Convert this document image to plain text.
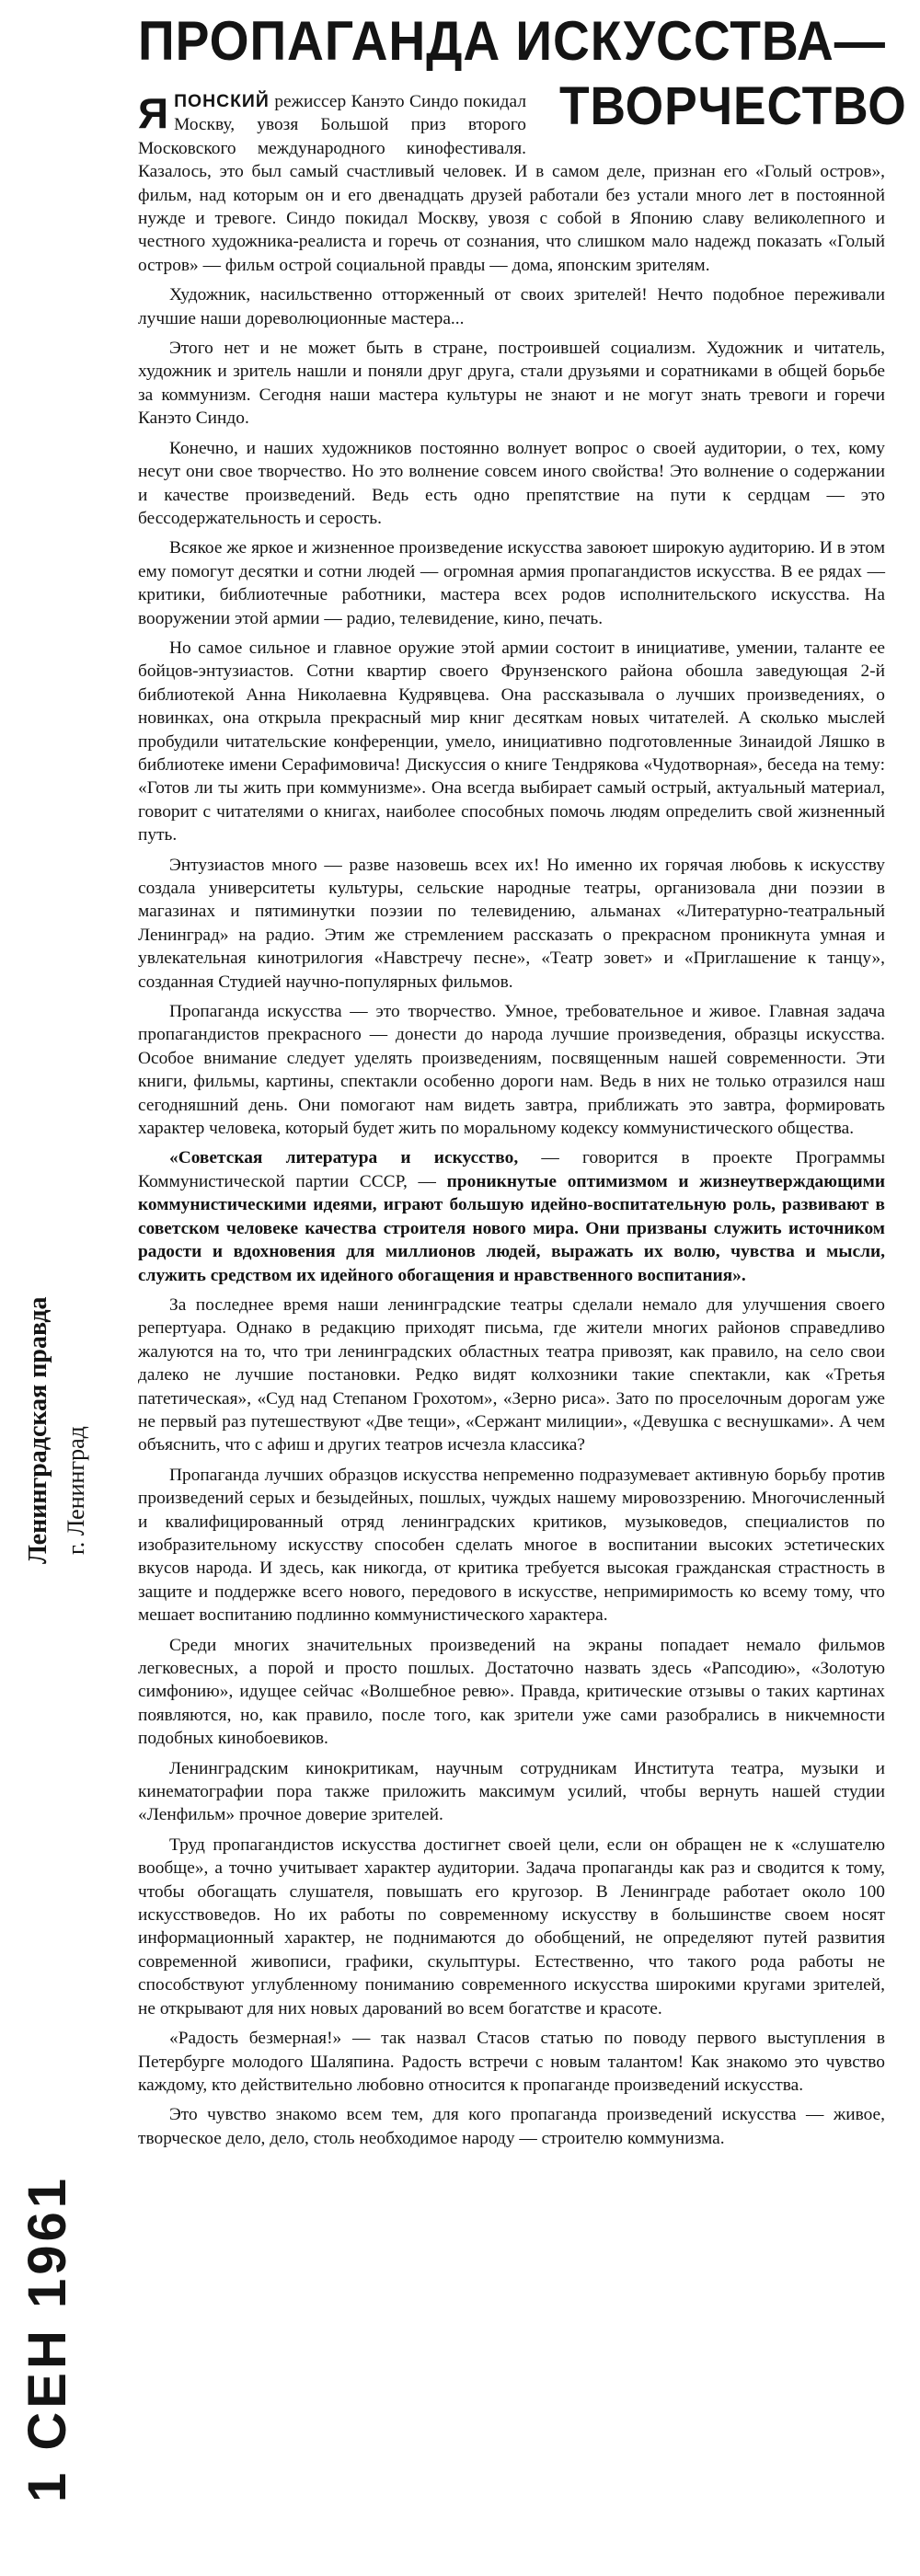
ПРОПАГАНДА ИСКУССТВА—
ТВОРЧЕСТВО

ЯПОНСКИЙ режиссер Канэто Синдо покидал Москву, увозя Большой приз второго Московского международного кинофестиваля. Казалось, это был самый счастливый человек. И в самом деле, признан его «Голый остров», фильм, над которым он и его двенадцать друзей работали без устали много лет в постоянной нужде и тревоге. Синдо покидал Москву, увозя с собой в Японию славу великолепного и честного художника-реалиста и горечь от сознания, что слишком мало надежд показать «Голый остров» — фильм острой социальной правды — дома, японским зрителям.

Художник, насильственно отторженный от своих зрителей! Нечто подобное переживали лучшие наши дореволюционные мастера...

Этого нет и не может быть в стране, построившей социализм. Художник и читатель, художник и зритель нашли и поняли друг друга, стали друзьями и соратниками в общей борьбе за коммунизм. Сегодня наши мастера культуры не знают и не могут знать тревоги и горечи Канэто Синдо.

Конечно, и наших художников постоянно волнует вопрос о своей аудитории, о тех, кому несут они свое творчество. Но это волнение совсем иного свойства! Это волнение о содержании и качестве произведений. Ведь есть одно препятствие на пути к сердцам — это бессодержательность и серость.

Всякое же яркое и жизненное произведение искусства завоюет широкую аудиторию. И в этом ему помогут десятки и сотни людей — огромная армия пропагандистов искусства. В ее рядах — критики, библиотечные работники, мастера всех родов исполнительского искусства. На вооружении этой армии — радио, телевидение, кино, печать.

Но самое сильное и главное оружие этой армии состоит в инициативе, умении, таланте ее бойцов-энтузиастов. Сотни квартир своего Фрунзенского района обошла заведующая 2-й библиотекой Анна Николаевна Кудрявцева. Она рассказывала о лучших произведениях, о новинках, она открыла прекрасный мир книг десяткам новых читателей. А сколько мыслей пробудили читательские конференции, умело, инициативно подготовленные Зинаидой Ляшко в библиотеке имени Серафимовича! Дискуссия о книге Тендрякова «Чудотворная», беседа на тему: «Готов ли ты жить при коммунизме». Она всегда выбирает самый острый, актуальный материал, говорит с читателями о книгах, наиболее способных помочь людям определить свой жизненный путь.

Энтузиастов много — разве назовешь всех их! Но именно их горячая любовь к искусству создала университеты культуры, сельские народные театры, организовала дни поэзии в магазинах и пятиминутки поэзии по телевидению, альманах «Литературно-театральный Ленинград» на радио. Этим же стремлением рассказать о прекрасном проникнута умная и увлекательная кинотрилогия «Навстречу песне», «Театр зовет» и «Приглашение к танцу», созданная Студией научно-популярных фильмов.

Пропаганда искусства — это творчество. Умное, требовательное и живое. Главная задача пропагандистов прекрасного — донести до народа лучшие произведения, образцы искусства. Особое внимание следует уделять произведениям, посвященным нашей современности. Эти книги, фильмы, картины, спектакли особенно дороги нам. Ведь в них не только отразился наш сегодняшний день. Они помогают нам видеть завтра, приближать это завтра, формировать характер человека, который будет жить по моральному кодексу коммунистического общества.

«Советская литература и искусство, — говорится в проекте Программы Коммунистической партии СССР, — проникнутые оптимизмом и жизнеутверждающими коммунистическими идеями, играют большую идейно-воспитательную роль, развивают в советском человеке качества строителя нового мира. Они призваны служить источником радости и вдохновения для миллионов людей, выражать их волю, чувства и мысли, служить средством их идейного обогащения и нравственного воспитания».

За последнее время наши ленинградские театры сделали немало для улучшения своего репертуара. Однако в редакцию приходят письма, где жители многих районов справедливо жалуются на то, что три ленинградских областных театра привозят, как правило, на село свои далеко не лучшие постановки. Редко видят колхозники такие спектакли, как «Третья патетическая», «Суд над Степаном Грохотом», «Зерно риса». Зато по проселочным дорогам уже не первый раз путешествуют «Две тещи», «Сержант милиции», «Девушка с веснушками». А чем объяснить, что с афиш и других театров исчезла классика?

Пропаганда лучших образцов искусства непременно подразумевает активную борьбу против произведений серых и безыдейных, пошлых, чуждых нашему мировоззрению. Многочисленный и квалифицированный отряд ленинградских критиков, музыковедов, специалистов по изобразительному искусству способен сделать многое в воспитании высоких эстетических вкусов народа. И здесь, как никогда, от критика требуется высокая гражданская страстность в защите и поддержке всего нового, передового в искусстве, непримиримость ко всему тому, что мешает воспитанию подлинно коммунистического характера.

Среди многих значительных произведений на экраны попадает немало фильмов легковесных, а порой и просто пошлых. Достаточно назвать здесь «Рапсодию», «Золотую симфонию», идущее сейчас «Волшебное ревю». Правда, критические отзывы о таких картинах появляются, но, как правило, после того, как зрители уже сами разобрались в никчемности подобных кинобоевиков.

Ленинградским кинокритикам, научным сотрудникам Института театра, музыки и кинематографии пора также приложить максимум усилий, чтобы вернуть нашей студии «Ленфильм» прочное доверие зрителей.

Труд пропагандистов искусства достигнет своей цели, если он обращен не к «слушателю вообще», а точно учитывает характер аудитории. Задача пропаганды как раз и сводится к тому, чтобы обогащать слушателя, повышать его кругозор. В Ленинграде работает около 100 искусствоведов. Но их работы по современному искусству в большинстве своем носят информационный характер, не поднимаются до обобщений, не определяют путей развития современной живописи, графики, скульптуры. Естественно, что такого рода работы не способствуют углубленному пониманию современного искусства широкими кругами зрителей, не открывают для них новых дарований во всем богатстве и красоте.

«Радость безмерная!» — так назвал Стасов статью по поводу первого выступления в Петербурге молодого Шаляпина. Радость встречи с новым талантом! Как знакомо это чувство каждому, кто действительно любовно относится к пропаганде произведений искусства.

Это чувство знакомо всем тем, для кого пропаганда произведений искусства — живое, творческое дело, дело, столь необходимое народу — строителю коммунизма.

Ленинградская правда г. Ленинград
1 СЕН 1961
